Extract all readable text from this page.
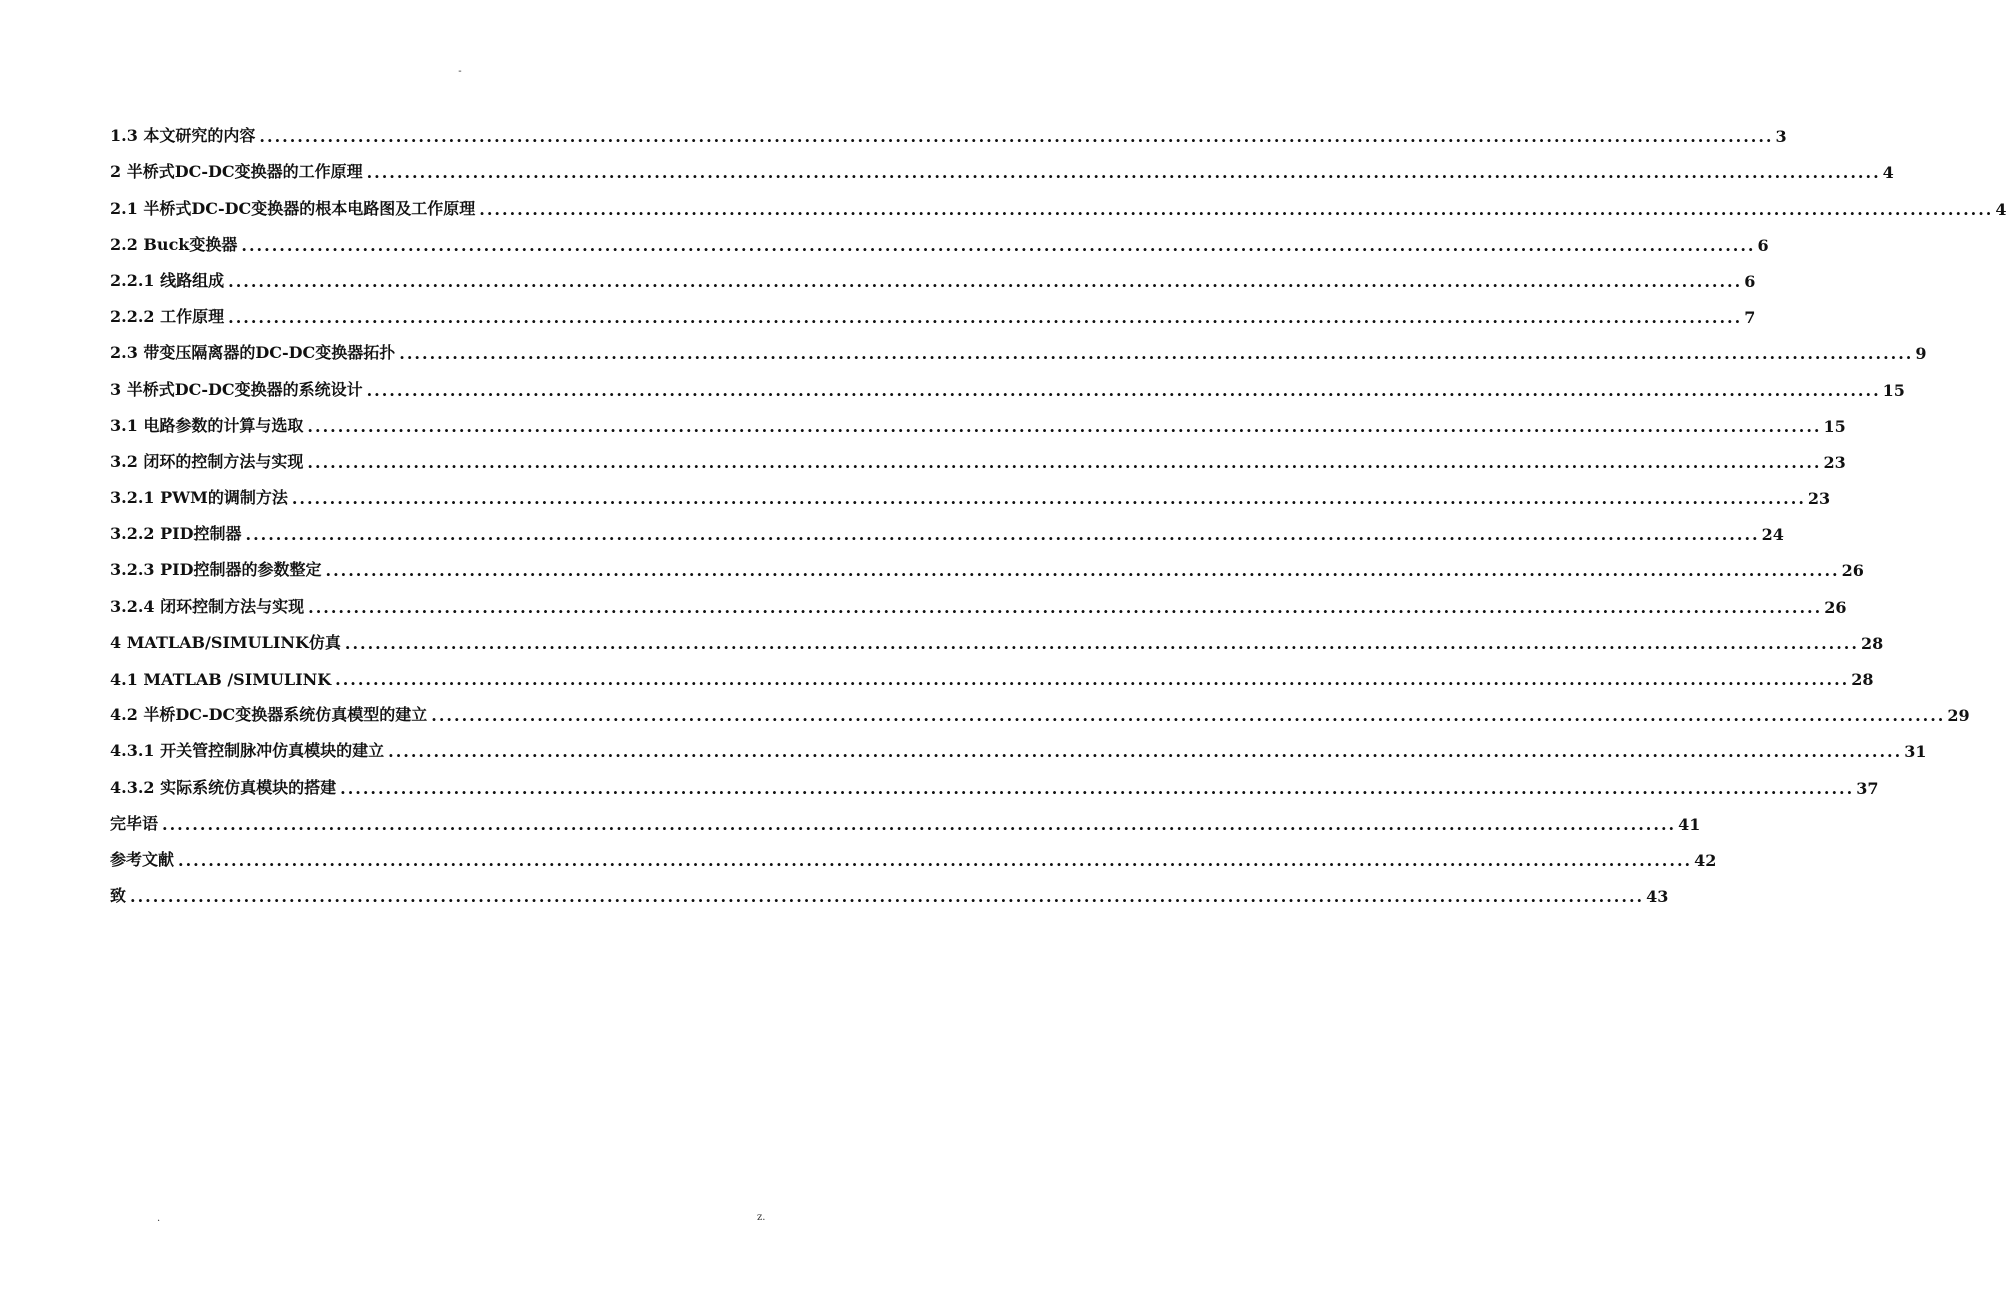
-
1.3 本文研究的内容 ........................................................................................................................................................................................................ 3
2 半桥式DC-DC变换器的工作原理 ........................................................................................................................................................................................................ 4
2.1 半桥式DC-DC变换器的根本电路图及工作原理 ........................................................................................................................................................................................................ 4
2.2 Buck变换器 ........................................................................................................................................................................................................ 6
2.2.1 线路组成 ........................................................................................................................................................................................................ 6
2.2.2 工作原理 ........................................................................................................................................................................................................ 7
2.3 带变压隔离器的DC-DC变换器拓扑 ........................................................................................................................................................................................................ 9
3 半桥式DC-DC变换器的系统设计 ........................................................................................................................................................................................................ 15
3.1 电路参数的计算与选取 ........................................................................................................................................................................................................ 15
3.2 闭环的控制方法与实现 ........................................................................................................................................................................................................ 23
3.2.1 PWM的调制方法 ........................................................................................................................................................................................................ 23
3.2.2 PID控制器 ........................................................................................................................................................................................................ 24
3.2.3 PID控制器的参数整定 ........................................................................................................................................................................................................ 26
3.2.4 闭环控制方法与实现 ........................................................................................................................................................................................................ 26
4 MATLAB/SIMULINK仿真 ........................................................................................................................................................................................................ 28
4.1 MATLAB /SIMULINK ........................................................................................................................................................................................................ 28
4.2 半桥DC-DC变换器系统仿真模型的建立 ........................................................................................................................................................................................................ 29
4.3.1 开关管控制脉冲仿真模块的建立 ........................................................................................................................................................................................................ 31
4.3.2 实际系统仿真模块的搭建 ........................................................................................................................................................................................................ 37
完毕语 ........................................................................................................................................................................................................ 41
参考文献 ........................................................................................................................................................................................................ 42
致 ........................................................................................................................................................................................................ 43
.	z.
